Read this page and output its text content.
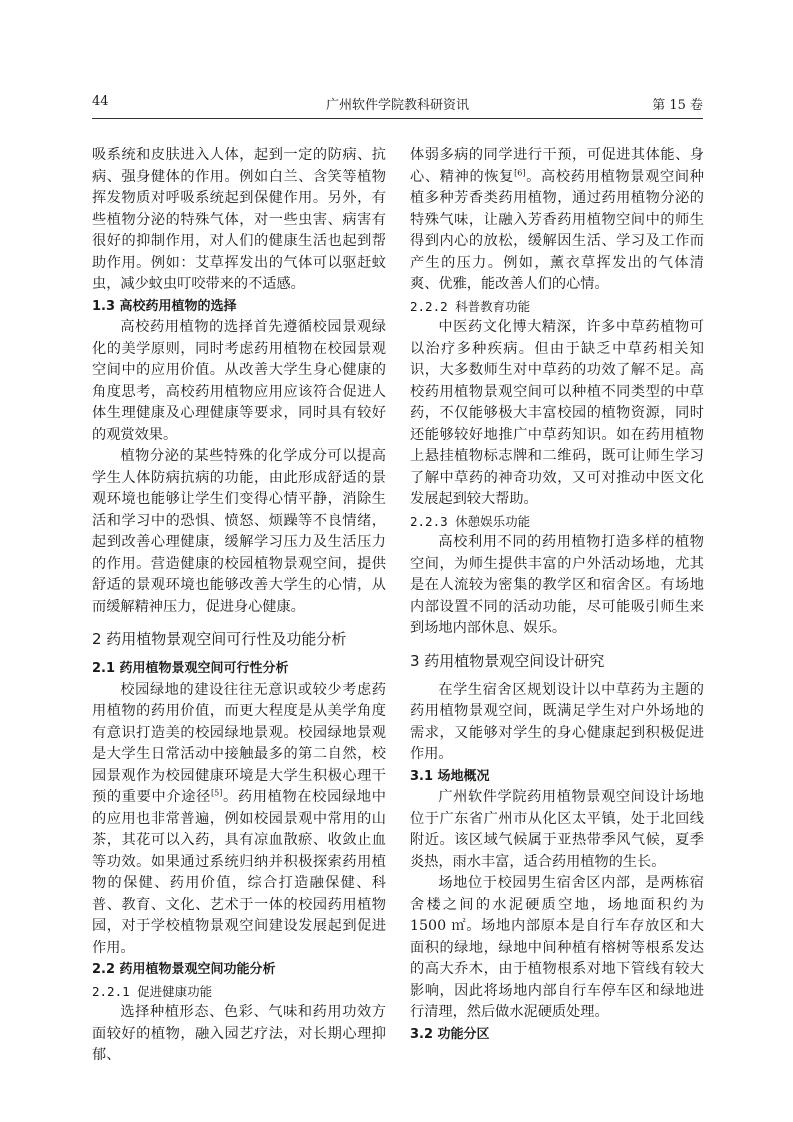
44	广州软件学院教科研资讯	第 15 卷

吸系统和皮肤进入人体，起到一定的防病、抗病、强身健体的作用。例如白兰、含笑等植物挥发物质对呼吸系统起到保健作用。另外，有些植物分泌的特殊气体，对一些虫害、病害有很好的抑制作用，对人们的健康生活也起到帮助作用。例如：艾草挥发出的气体可以驱赶蚊虫，减少蚊虫叮咬带来的不适感。

1.3 高校药用植物的选择

高校药用植物的选择首先遵循校园景观绿化的美学原则，同时考虑药用植物在校园景观空间中的应用价值。从改善大学生身心健康的角度思考，高校药用植物应用应该符合促进人体生理健康及心理健康等要求，同时具有较好的观赏效果。

植物分泌的某些特殊的化学成分可以提高学生人体防病抗病的功能，由此形成舒适的景观环境也能够让学生们变得心情平静，消除生活和学习中的恐惧、愤怒、烦躁等不良情绪，起到改善心理健康，缓解学习压力及生活压力的作用。营造健康的校园植物景观空间，提供舒适的景观环境也能够改善大学生的心情，从而缓解精神压力，促进身心健康。

2 药用植物景观空间可行性及功能分析
2.1 药用植物景观空间可行性分析

校园绿地的建设往往无意识或较少考虑药用植物的药用价值，而更大程度是从美学角度有意识打造美的校园绿地景观。校园绿地景观是大学生日常活动中接触最多的第二自然，校园景观作为校园健康环境是大学生积极心理干预的重要中介途径[5]。药用植物在校园绿地中的应用也非常普遍，例如校园景观中常用的山茶，其花可以入药，具有凉血散瘀、收敛止血等功效。如果通过系统归纳并积极探索药用植物的保健、药用价值，综合打造融保健、科普、教育、文化、艺术于一体的校园药用植物园，对于学校植物景观空间建设发展起到促进作用。

2.2 药用植物景观空间功能分析
2.2.1 促进健康功能

选择种植形态、色彩、气味和药用功效方面较好的植物，融入园艺疗法，对长期心理抑郁、

体弱多病的同学进行干预，可促进其体能、身心、精神的恢复[6]。高校药用植物景观空间种植多种芳香类药用植物，通过药用植物分泌的特殊气味，让融入芳香药用植物空间中的师生得到内心的放松，缓解因生活、学习及工作而产生的压力。例如，薰衣草挥发出的气体清爽、优雅，能改善人们的心情。

2.2.2 科普教育功能

中医药文化博大精深，许多中草药植物可以治疗多种疾病。但由于缺乏中草药相关知识，大多数师生对中草药的功效了解不足。高校药用植物景观空间可以种植不同类型的中草药，不仅能够极大丰富校园的植物资源，同时还能够较好地推广中草药知识。如在药用植物上悬挂植物标志牌和二维码，既可让师生学习了解中草药的神奇功效，又可对推动中医文化发展起到较大帮助。

2.2.3 休憩娱乐功能

高校利用不同的药用植物打造多样的植物空间，为师生提供丰富的户外活动场地，尤其是在人流较为密集的教学区和宿舍区。有场地内部设置不同的活动功能，尽可能吸引师生来到场地内部休息、娱乐。

3 药用植物景观空间设计研究

在学生宿舍区规划设计以中草药为主题的药用植物景观空间，既满足学生对户外场地的需求，又能够对学生的身心健康起到积极促进作用。

3.1 场地概况

广州软件学院药用植物景观空间设计场地位于广东省广州市从化区太平镇，处于北回线附近。该区域气候属于亚热带季风气候，夏季炎热，雨水丰富，适合药用植物的生长。

场地位于校园男生宿舍区内部，是两栋宿舍楼之间的水泥硬质空地，场地面积约为 1500 ㎡。场地内部原本是自行车存放区和大面积的绿地，绿地中间种植有榕树等根系发达的高大乔木，由于植物根系对地下管线有较大影响，因此将场地内部自行车停车区和绿地进行清理，然后做水泥硬质处理。

3.2 功能分区
